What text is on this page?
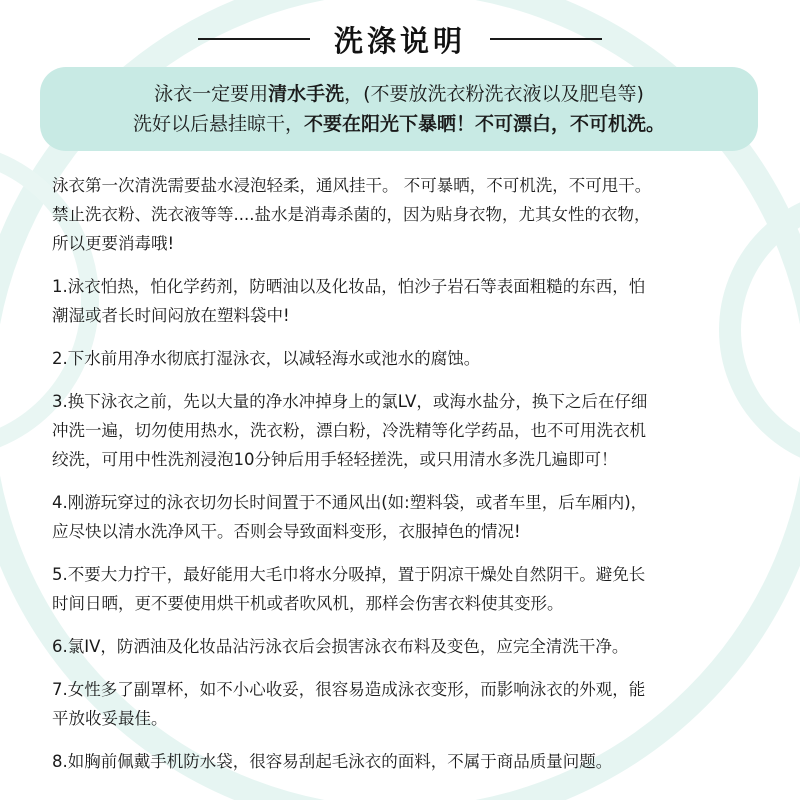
洗涤说明
泳衣一定要用清水手洗，(不要放洗衣粉洗衣液以及肥皂等)
洗好以后悬挂晾干，不要在阳光下暴晒！不可漂白，不可机洗。
泳衣第一次清洗需要盐水浸泡轻柔，通风挂干。 不可暴晒，不可机洗，不可甩干。
禁止洗衣粉、洗衣液等等....盐水是消毒杀菌的，因为贴身衣物，尤其女性的衣物，
所以更要消毒哦!
1.泳衣怕热，怕化学药剂，防晒油以及化妆品，怕沙子岩石等表面粗糙的东西，怕
潮湿或者长时间闷放在塑料袋中!
2.下水前用净水彻底打湿泳衣，以减轻海水或池水的腐蚀。
3.换下泳衣之前，先以大量的净水冲掉身上的氯LV，或海水盐分，换下之后在仔细
冲洗一遍，切勿使用热水，洗衣粉，漂白粉，冷洗精等化学药品，也不可用洗衣机
绞洗，可用中性洗剂浸泡10分钟后用手轻轻搓洗，或只用清水多洗几遍即可！
4.刚游玩穿过的泳衣切勿长时间置于不通风出(如:塑料袋，或者车里，后车厢内)，
应尽快以清水洗净风干。否则会导致面料变形，衣服掉色的情况!
5.不要大力拧干，最好能用大毛巾将水分吸掉，置于阴凉干燥处自然阴干。避免长
时间日晒，更不要使用烘干机或者吹风机，那样会伤害衣料使其变形。
6.氯IV，防洒油及化妆品沾污泳衣后会损害泳衣布料及变色，应完全清洗干净。
7.女性多了副罩杯，如不小心收妥，很容易造成泳衣变形，而影响泳衣的外观，能
平放收妥最佳。
8.如胸前佩戴手机防水袋，很容易刮起毛泳衣的面料，不属于商品质量问题。
